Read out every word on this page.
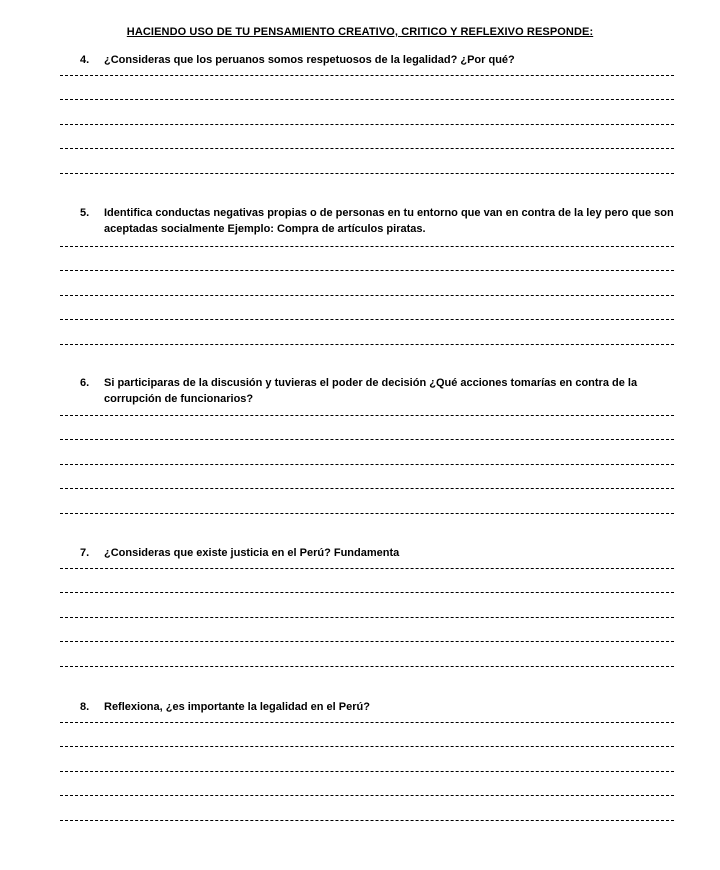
HACIENDO USO DE TU PENSAMIENTO CREATIVO, CRITICO Y REFLEXIVO RESPONDE:
4.	¿Consideras que los peruanos somos respetuosos de la legalidad? ¿Por qué?
5.	Identifica conductas negativas propias o de personas en tu entorno que van en contra de la ley pero que son aceptadas socialmente Ejemplo: Compra de artículos piratas.
6.	Si participaras de la discusión y tuvieras el poder de decisión ¿Qué acciones tomarías en contra de la corrupción de funcionarios?
7.	¿Consideras que existe justicia en el Perú? Fundamenta
8.	Reflexiona, ¿es importante la legalidad en el Perú?
